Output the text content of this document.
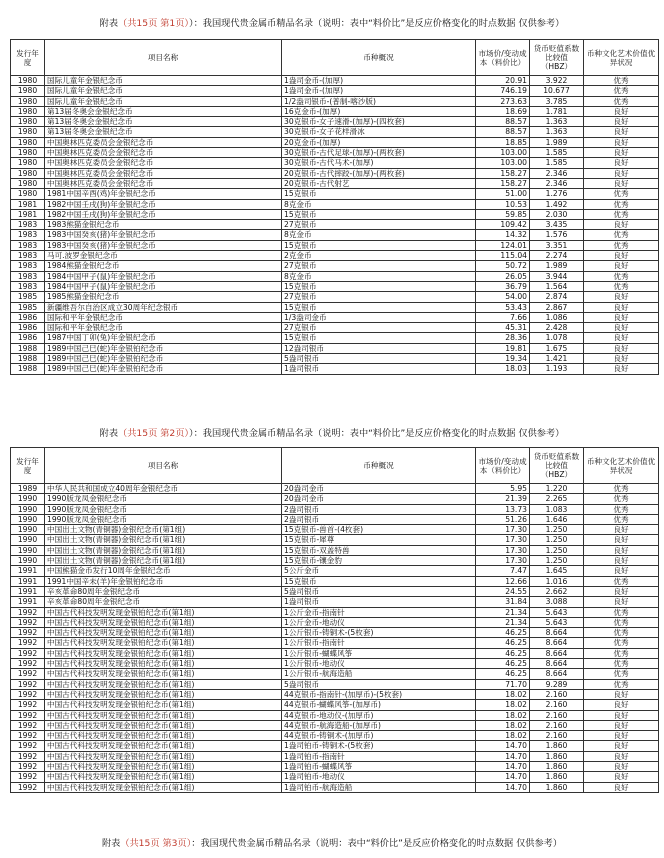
附表（共15页 第1页））：我国现代贵金属币精品名录（说明：表中“料价比”是反应价格变化的时点数据 仅供参考）
发行年度	项目名称	币种概况	市场价/变动成本（料价比）	货币贬值系数比较值（HBZ）	币种文化艺术价值优异状况
1980	国际儿童年金银纪念币	1盎司金币-(加厚)	20.91	3.922	优秀
1980	国际儿童年金银纪念币	1盎司金币-(加厚)	746.19	10.677	优秀
1980	国际儿童年金银纪念币	1/2盎司银币-(普制-喀沙版)	273.63	3.785	优秀
1980	第13届冬奥会金银纪念币	16克金币-(加厚)	18.69	1.781	良好
1980	第13届冬奥会金银纪念币	30克银币-女子速滑-(加厚)-(四枚套)	88.57	1.363	良好
1980	第13届冬奥会金银纪念币	30克银币-女子花样滑冰	88.57	1.363	良好
1980	中国奥林匹克委员会金银纪念币	20克金币-(加厚)	18.85	1.989	良好
1980	中国奥林匹克委员会金银纪念币	30克银币-古代足球-(加厚)-(两枚套)	103.00	1.585	良好
1980	中国奥林匹克委员会金银纪念币	30克银币-古代马术-(加厚)	103.00	1.585	良好
1980	中国奥林匹克委员会金银纪念币	20克银币-古代摔跤-(加厚)-(两枚套)	158.27	2.346	良好
1980	中国奥林匹克委员会金银纪念币	20克银币-古代射艺	158.27	2.346	良好
1980	1981中国辛酉(鸡)年金银纪念币	15克银币	51.00	1.276	优秀
1981	1982中国壬戌(狗)年金银纪念币	8克金币	10.53	1.492	优秀
1981	1982中国壬戌(狗)年金银纪念币	15克银币	59.85	2.030	优秀
1983	1983熊猫金银纪念币	27克银币	109.42	3.435	良好
1983	1983中国癸亥(猪)年金银纪念币	8克金币	14.32	1.576	优秀
1983	1983中国癸亥(猪)年金银纪念币	15克银币	124.01	3.351	优秀
1983	马可.波罗金银纪念币	2克金币	115.04	2.274	良好
1983	1984熊猫金银纪念币	27克银币	50.72	1.989	良好
1983	1984中国甲子(鼠)年金银纪念币	8克金币	26.05	3.944	优秀
1983	1984中国甲子(鼠)年金银纪念币	15克银币	36.79	1.564	优秀
1985	1985熊猫金银纪念币	27克银币	54.00	2.874	良好
1985	新疆维吾尔自治区成立30周年纪念银币	15克银币	53.43	2.867	良好
1986	国际和平年金银纪念币	1/3盎司金币	7.66	1.086	良好
1986	国际和平年金银纪念币	27克银币	45.31	2.428	良好
1986	1987中国丁卯(兔)年金银纪念币	15克银币	28.36	1.078	良好
1988	1989中国己巳(蛇)年金银铂纪念币	12盎司银币	19.81	1.675	良好
1988	1989中国己巳(蛇)年金银铂纪念币	5盎司银币	19.34	1.421	良好
1988	1989中国己巳(蛇)年金银铂纪念币	1盎司银币	18.03	1.193	良好
附表（共15页 第2页））：我国现代贵金属币精品名录（说明：表中“料价比”是反应价格变化的时点数据 仅供参考）
发行年度	项目名称	币种概况	市场价/变动成本（料价比）	货币贬值系数比较值（HBZ）	币种文化艺术价值优异状况
1989	中华人民共和国成立40周年金银纪念币	20盎司金币	5.95	1.220	优秀
1990	1990版龙凤金银纪念币	20盎司金币	21.39	2.265	优秀
1990	1990版龙凤金银纪念币	2盎司银币	13.73	1.083	优秀
1990	1990版龙凤金银纪念币	2盎司银币	51.26	1.646	优秀
1990	中国出土文物(青铜器)金银纪念币(第1组)	15克银币-兽首-(4枚套)	17.30	1.250	良好
1990	中国出土文物(青铜器)金银纪念币(第1组)	15克银币-犀尊	17.30	1.250	良好
1990	中国出土文物(青铜器)金银纪念币(第1组)	15克银币-双盖特兽	17.30	1.250	良好
1990	中国出土文物(青铜器)金银纪念币(第1组)	15克银币-镶金豹	17.30	1.250	良好
1991	中国熊猫金币发行10周年金银纪念币	5公斤金币	7.47	1.645	良好
1991	1991中国辛未(羊)年金银铂纪念币	15克银币	12.66	1.016	优秀
1991	辛亥革命80周年金银纪念币	5盎司银币	24.55	2.662	良好
1991	辛亥革命80周年金银纪念币	1盎司银币	31.84	3.088	良好
1992	中国古代科技发明发现金银铂纪念币(第1组)	1公斤金币-指南针	21.34	5.643	优秀
1992	中国古代科技发明发现金银铂纪念币(第1组)	1公斤金币-地动仪	21.34	5.643	优秀
1992	中国古代科技发明发现金银铂纪念币(第1组)	1公斤银币-铸铜术-(5枚套)	46.25	8.664	优秀
1992	中国古代科技发明发现金银铂纪念币(第1组)	1公斤银币-指南针	46.25	8.664	优秀
1992	中国古代科技发明发现金银铂纪念币(第1组)	1公斤银币-蝴蝶风筝	46.25	8.664	优秀
1992	中国古代科技发明发现金银铂纪念币(第1组)	1公斤银币-地动仪	46.25	8.664	优秀
1992	中国古代科技发明发现金银铂纪念币(第1组)	1公斤银币-航海造船	46.25	8.664	优秀
1992	中国古代科技发明发现金银铂纪念币(第1组)	5盎司银币	71.70	9.289	优秀
1992	中国古代科技发明发现金银铂纪念币(第1组)	44克银币-指南针-(加厚币)-(5枚套)	18.02	2.160	良好
1992	中国古代科技发明发现金银铂纪念币(第1组)	44克银币-蝴蝶风筝-(加厚币)	18.02	2.160	良好
1992	中国古代科技发明发现金银铂纪念币(第1组)	44克银币-地动仪-(加厚币)	18.02	2.160	良好
1992	中国古代科技发明发现金银铂纪念币(第1组)	44克银币-航海造船-(加厚币)	18.02	2.160	良好
1992	中国古代科技发明发现金银铂纪念币(第1组)	44克银币-铸铜术-(加厚币)	18.02	2.160	良好
1992	中国古代科技发明发现金银铂纪念币(第1组)	1盎司铂币-铸铜术-(5枚套)	14.70	1.860	良好
1992	中国古代科技发明发现金银铂纪念币(第1组)	1盎司铂币-指南针	14.70	1.860	良好
1992	中国古代科技发明发现金银铂纪念币(第1组)	1盎司铂币-蝴蝶风筝	14.70	1.860	良好
1992	中国古代科技发明发现金银铂纪念币(第1组)	1盎司铂币-地动仪	14.70	1.860	良好
1992	中国古代科技发明发现金银铂纪念币(第1组)	1盎司铂币-航海造船	14.70	1.860	良好
附表（共15页 第3页）：我国现代贵金属币精品名录（说明：表中“料价比”是反应价格变化的时点数据 仅供参考）
